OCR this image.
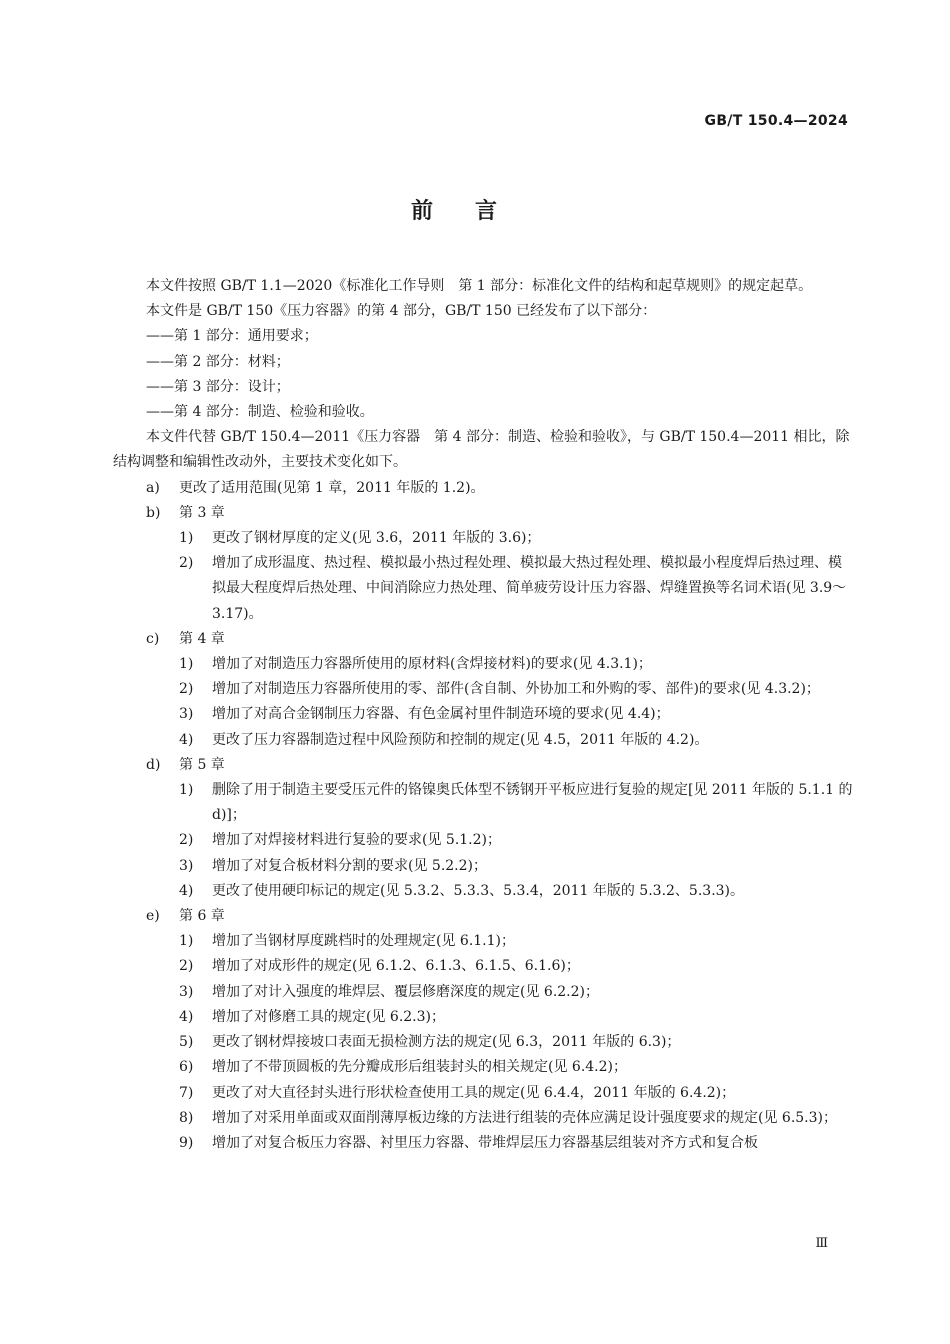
GB/T 150.4—2024
前言

本文件按照 GB/T 1.1—2020《标准化工作导则　第 1 部分：标准化文件的结构和起草规则》的规定起草。

本文件是 GB/T 150《压力容器》的第 4 部分，GB/T 150 已经发布了以下部分：

——第 1 部分：通用要求；

——第 2 部分：材料；

——第 3 部分：设计；

——第 4 部分：制造、检验和验收。

本文件代替 GB/T 150.4—2011《压力容器　第 4 部分：制造、检验和验收》，与 GB/T 150.4—2011 相比，除结构调整和编辑性改动外，主要技术变化如下。

a)	更改了适用范围(见第 1 章，2011 年版的 1.2)。
b)	第 3 章
1)	更改了钢材厚度的定义(见 3.6，2011 年版的 3.6)；
2)	增加了成形温度、热过程、模拟最小热过程处理、模拟最大热过程处理、模拟最小程度焊后热过理、模拟最大程度焊后热处理、中间消除应力热处理、简单疲劳设计压力容器、焊缝置换等名词术语(见 3.9～3.17)。
c)	第 4 章
1)	增加了对制造压力容器所使用的原材料(含焊接材料)的要求(见 4.3.1)；
2)	增加了对制造压力容器所使用的零、部件(含自制、外协加工和外购的零、部件)的要求(见 4.3.2)；
3)	增加了对高合金钢制压力容器、有色金属衬里件制造环境的要求(见 4.4)；
4)	更改了压力容器制造过程中风险预防和控制的规定(见 4.5，2011 年版的 4.2)。
d)	第 5 章
1)	删除了用于制造主要受压元件的铬镍奥氏体型不锈钢开平板应进行复验的规定[见 2011 年版的 5.1.1 的 d)]；
2)	增加了对焊接材料进行复验的要求(见 5.1.2)；
3)	增加了对复合板材料分割的要求(见 5.2.2)；
4)	更改了使用硬印标记的规定(见 5.3.2、5.3.3、5.3.4，2011 年版的 5.3.2、5.3.3)。
e)	第 6 章
1)	增加了当钢材厚度跳档时的处理规定(见 6.1.1)；
2)	增加了对成形件的规定(见 6.1.2、6.1.3、6.1.5、6.1.6)；
3)	增加了对计入强度的堆焊层、覆层修磨深度的规定(见 6.2.2)；
4)	增加了对修磨工具的规定(见 6.2.3)；
5)	更改了钢材焊接坡口表面无损检测方法的规定(见 6.3，2011 年版的 6.3)；
6)	增加了不带顶圆板的先分瓣成形后组装封头的相关规定(见 6.4.2)；
7)	更改了对大直径封头进行形状检查使用工具的规定(见 6.4.4，2011 年版的 6.4.2)；
8)	增加了对采用单面或双面削薄厚板边缘的方法进行组装的壳体应满足设计强度要求的规定(见 6.5.3)；
9)	增加了对复合板压力容器、衬里压力容器、带堆焊层压力容器基层组装对齐方式和复合板
Ⅲ
